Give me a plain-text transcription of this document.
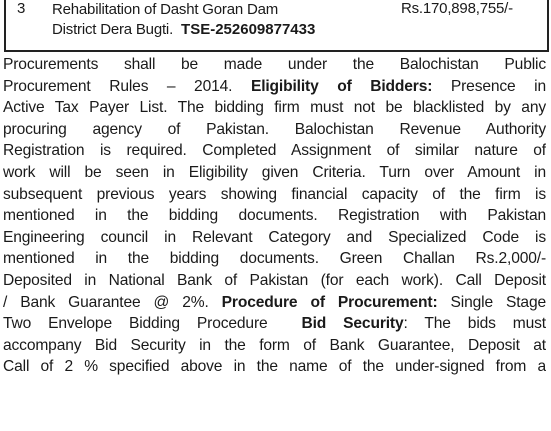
3 Rehabilitation of Dasht Goran Dam
District Dera Bugti. TSE-252609877433
Rs.170,898,755/-
Procurements shall be made under the Balochistan Public
Procurement Rules – 2014. Eligibility of Bidders: Presence in
Active Tax Payer List. The bidding firm must not be blacklisted by any
procuring agency of Pakistan. Balochistan Revenue Authority
Registration is required. Completed Assignment of similar nature of
work will be seen in Eligibility given Criteria. Turn over Amount in
subsequent previous years showing financial capacity of the firm is
mentioned in the bidding documents. Registration with Pakistan
Engineering council in Relevant Category and Specialized Code is
mentioned in the bidding documents. Green Challan Rs.2,000/-
Deposited in National Bank of Pakistan (for each work). Call Deposit
/ Bank Guarantee @ 2%. Procedure of Procurement: Single Stage
Two Envelope Bidding Procedure  Bid Security: The bids must
accompany Bid Security in the form of Bank Guarantee, Deposit at
Call of 2 % specified above in the name of the under-signed from a
